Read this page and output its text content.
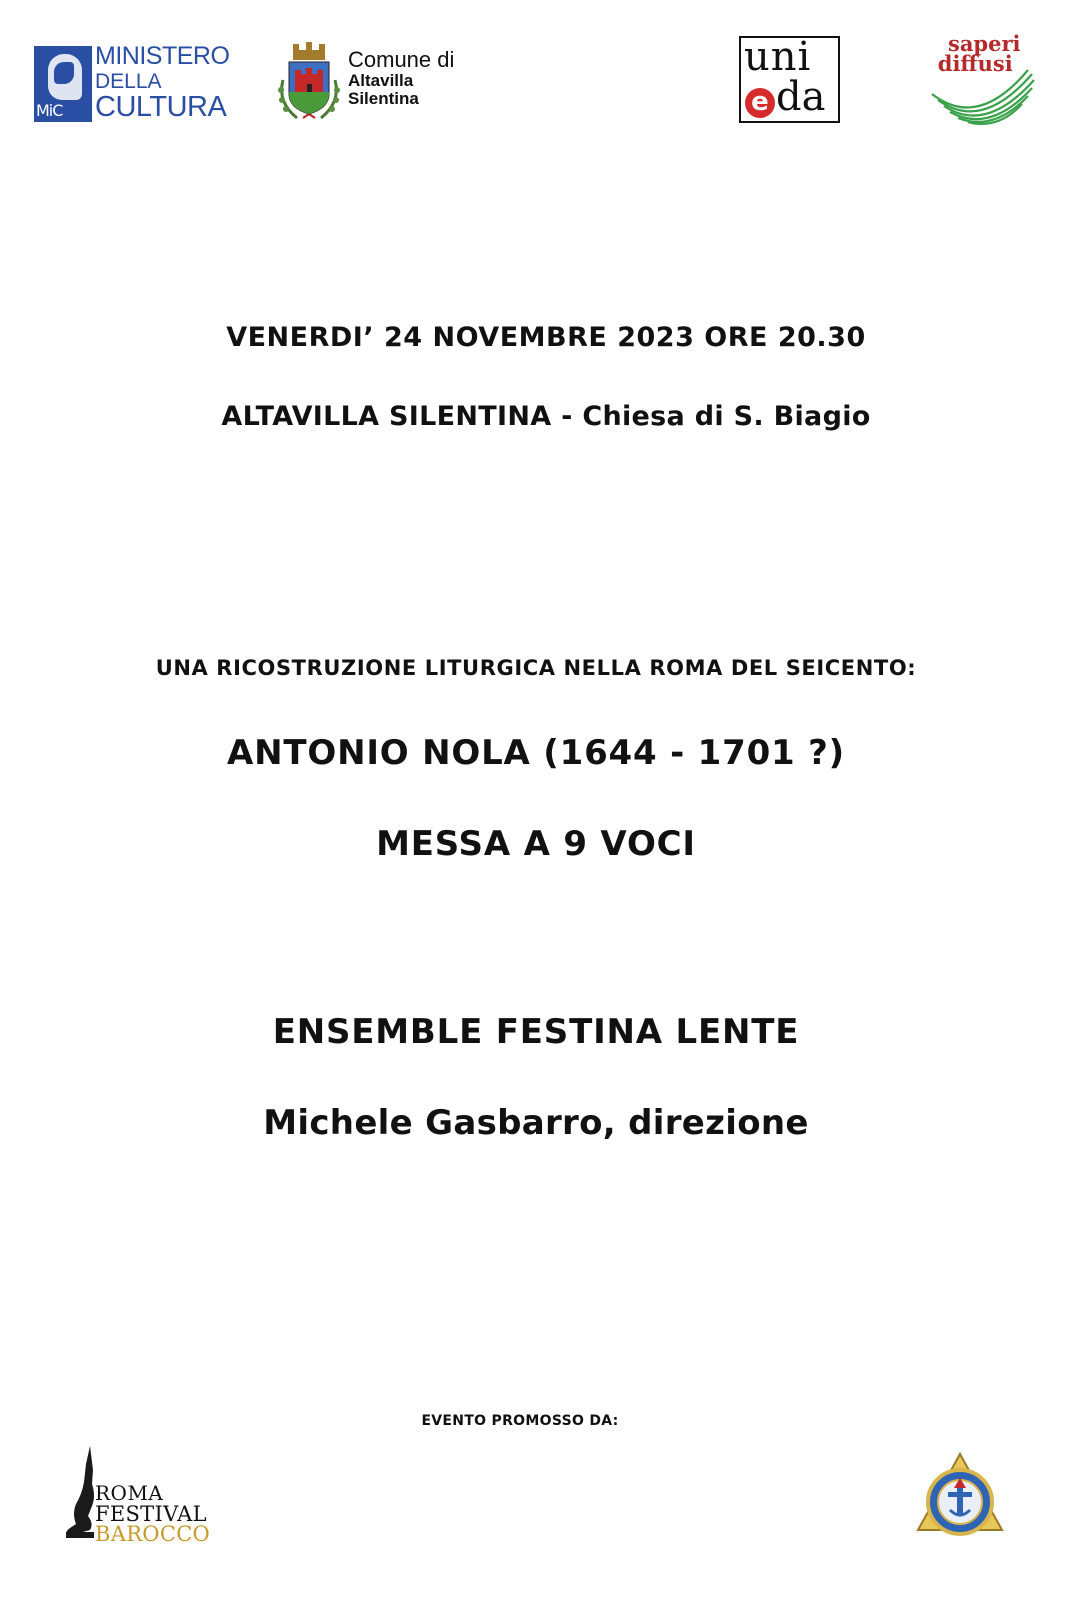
MiC
MINISTERO
DELLA
CULTURA
Comune di
Altavilla
Silentina
uni
e da
saperi
diffusi
VENERDI’ 24 NOVEMBRE 2023 ORE 20.30
ALTAVILLA SILENTINA - Chiesa di S. Biagio
UNA RICOSTRUZIONE LITURGICA NELLA ROMA DEL SEICENTO:
ANTONIO NOLA (1644 - 1701 ?)
MESSA A 9 VOCI
ENSEMBLE FESTINA LENTE
Michele Gasbarro, direzione
EVENTO PROMOSSO DA:
ROMA
FESTIVAL
BAROCCO
